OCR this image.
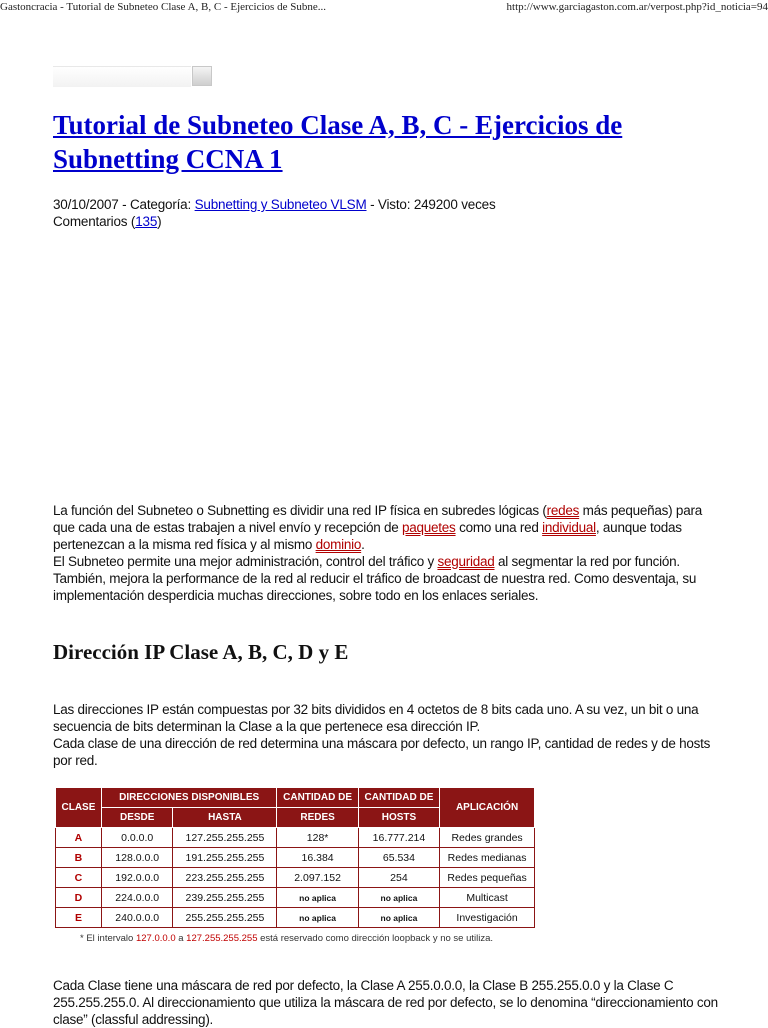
Gastoncracia - Tutorial de Subneteo Clase A, B, C - Ejercicios de Subne...	http://www.garciagaston.com.ar/verpost.php?id_noticia=94
Tutorial de Subneteo Clase A, B, C - Ejercicios de Subnetting CCNA 1
30/10/2007 - Categoría: Subnetting y Subneteo VLSM - Visto: 249200 veces
Comentarios (135)

La función del Subneteo o Subnetting es dividir una red IP física en subredes lógicas (redes más pequeñas) para que cada una de estas trabajen a nivel envío y recepción de paquetes como una red individual, aunque todas pertenezcan a la misma red física y al mismo dominio.

El Subneteo permite una mejor administración, control del tráfico y seguridad al segmentar la red por función. También, mejora la performance de la red al reducir el tráfico de broadcast de nuestra red. Como desventaja, su implementación desperdicia muchas direcciones, sobre todo en los enlaces seriales.

Dirección IP Clase A, B, C, D y E

Las direcciones IP están compuestas por 32 bits divididos en 4 octetos de 8 bits cada uno. A su vez, un bit o una secuencia de bits determinan la Clase a la que pertenece esa dirección IP.

Cada clase de una dirección de red determina una máscara por defecto, un rango IP, cantidad de redes y de hosts por red.

CLASE	DIRECCIONES DISPONIBLES		CANTIDAD DE	CANTIDAD DE	APLICACIÓN
	DESDE	HASTA	REDES	HOSTS	
A	0.0.0.0	127.255.255.255	128*	16.777.214	Redes grandes
B	128.0.0.0	191.255.255.255	16.384	65.534	Redes medianas
C	192.0.0.0	223.255.255.255	2.097.152	254	Redes pequeñas
D	224.0.0.0	239.255.255.255	no aplica	no aplica	Multicast
E	240.0.0.0	255.255.255.255	no aplica	no aplica	Investigación
* El intervalo 127.0.0.0 a 127.255.255.255 está reservado como dirección loopback y no se utiliza.

Cada Clase tiene una máscara de red por defecto, la Clase A 255.0.0.0, la Clase B 255.255.0.0 y la Clase C 255.255.255.0. Al direccionamiento que utiliza la máscara de red por defecto, se lo denomina “direccionamiento con clase” (classful addressing).
